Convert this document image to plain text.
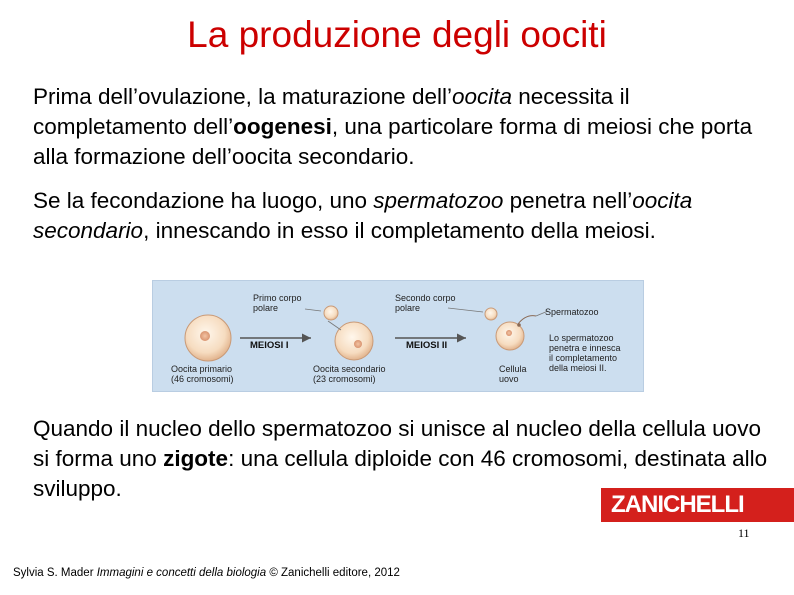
La produzione degli oociti
Prima dell’ovulazione, la maturazione dell’oocita necessita il completamento dell’oogenesi, una particolare forma di meiosi che porta alla formazione dell’oocita secondario.
Se la fecondazione ha luogo, uno spermatozoo penetra nell’oocita secondario, innescando in esso il completamento della meiosi.
Primo corpo
polare
Secondo corpo
polare	Spermatozoo
MEIOSI I	MEIOSI II
Oocita primario
(46 cromosomi)
Oocita secondario
(23 cromosomi)
Cellula
uovo
Lo spermatozoo
penetra e innesca
il completamento
della meiosi II.
Quando il nucleo dello spermatozoo si unisce al nucleo della cellula uovo si forma uno zigote: una cellula diploide con 46 cromosomi, destinata allo sviluppo.
ZANICHELLI
11
Sylvia S. Mader Immagini e concetti della biologia © Zanichelli editore, 2012
